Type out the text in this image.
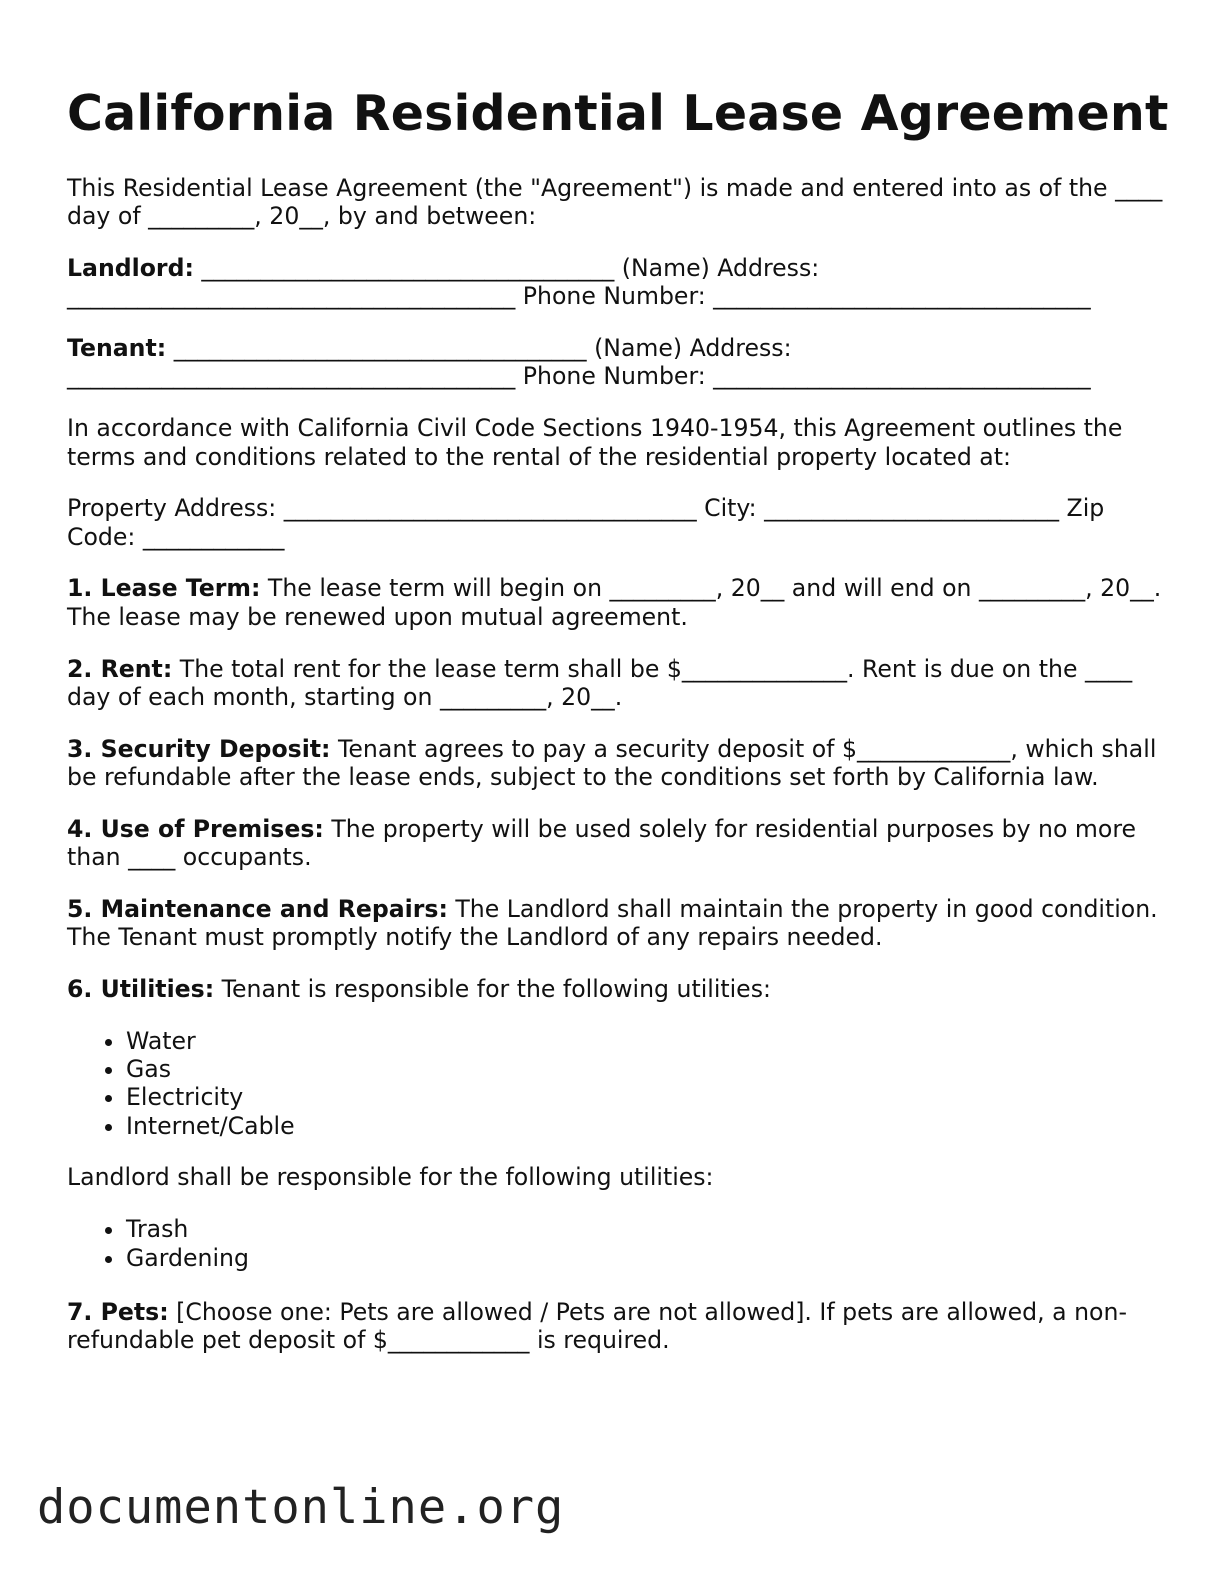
California Residential Lease Agreement

This Residential Lease Agreement (the "Agreement") is made and entered into as of the ____ day of _________, 20__, by and between:

Landlord: ___________________________________ (Name) Address: ______________________________________ Phone Number: ________________________________

Tenant: ___________________________________ (Name) Address: ______________________________________ Phone Number: ________________________________

In accordance with California Civil Code Sections 1940-1954, this Agreement outlines the terms and conditions related to the rental of the residential property located at:

Property Address: ___________________________________ City: _________________________ Zip Code: ____________

1. Lease Term: The lease term will begin on _________, 20__ and will end on _________, 20__. The lease may be renewed upon mutual agreement.

2. Rent: The total rent for the lease term shall be $______________. Rent is due on the ____ day of each month, starting on _________, 20__.

3. Security Deposit: Tenant agrees to pay a security deposit of $_____________, which shall be refundable after the lease ends, subject to the conditions set forth by California law.

4. Use of Premises: The property will be used solely for residential purposes by no more than ____ occupants.

5. Maintenance and Repairs: The Landlord shall maintain the property in good condition. The Tenant must promptly notify the Landlord of any repairs needed.

6. Utilities: Tenant is responsible for the following utilities:

• Water
• Gas
• Electricity
• Internet/Cable

Landlord shall be responsible for the following utilities:

• Trash
• Gardening

7. Pets: [Choose one: Pets are allowed / Pets are not allowed]. If pets are allowed, a non-refundable pet deposit of $____________ is required.

documentonline.org
